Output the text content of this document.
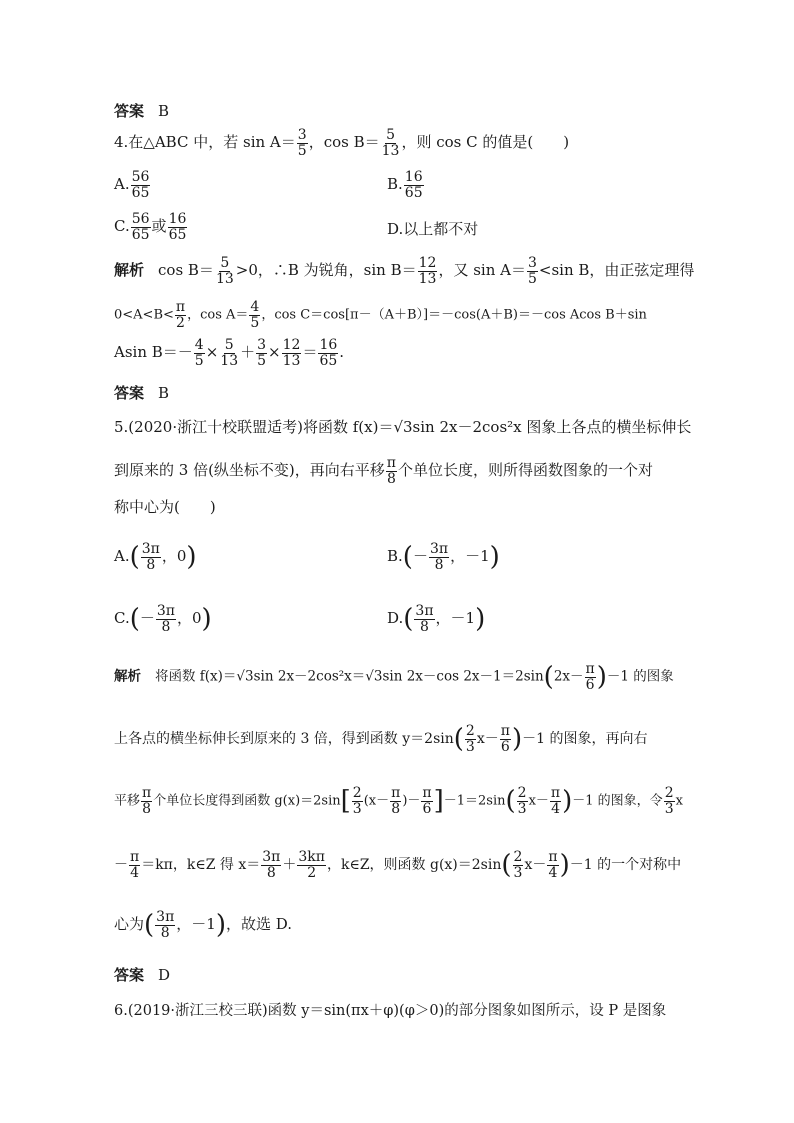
答案 B
4.在△ABC 中，若 $\sin A= \frac{3}{5}$ ，$\cos B= \frac{5}{13}$ ，则 cos C 的值是(　　)
A. $\frac{56}{65}$	B. $\frac{16}{65}$
C. $\frac{56}{65}$ 或 $\frac{16}{65}$	D.以上都不对
解析 $\cos B= \frac{5}{13} >0$，∴B 为锐角，$\sin B= \frac{12}{13}$ ，又 $\sin A= \frac{3}{5} <\sin$ B，由正弦定理得
$0<A<B< \frac{\pi}{2}$ ，$\cos A= \frac{4}{5}$ ，cos C＝cos[π－（A＋B）]＝－cos(A＋B)＝－cos Acos B＋sin
Asin $B=- \frac{4}{5} \times \frac{5}{13} + \frac{3}{5} \times \frac{12}{13} = \frac{16}{65}$ .
答案 B
5.(2020·浙江十校联盟适考)将函数 f(x)＝√3sin 2x－2cos²x 图象上各点的横坐标伸长
到原来的 3 倍(纵坐标不变)，再向右平移 $\frac{\pi}{8}$ 个单位长度，则所得函数图象的一个对
称中心为(　　)
$A.( \frac{3\pi}{8}$ ，0)	$B.(- \frac{3\pi}{8}$ ，－1)
$C.(- \frac{3\pi}{8}$ ，0)	$D.( \frac{3\pi}{8}$ ，－1)
解析 将函数 f(x)＝√3sin 2x－2cos²x＝√3sin 2x－cos $2x-1=2\sin(2x- \frac{\pi}{6} )-1$ 的图象
上各点的横坐标伸长到原来的 3 倍，得到函数 $y=2\sin( \frac{2}{3} x- \frac{\pi}{6} )-1$ 的图象，再向右
平移 $\frac{\pi}{8}$ 个单位长度得到函数 $g(x)=2\sin[ \frac{2}{3} (x- \frac{\pi}{8}$ )－ $\frac{\pi}{6} ]-1=2\sin( \frac{2}{3} x- \frac{\pi}{4} )-1$ 的图象，令 $\frac{2}{3}$ x
－ $\frac{\pi}{4} =k\pi$，k∈Z 得 $x= \frac{3\pi}{8} + \frac{3k\pi}{2}$ ，k∈Z，则函数 $g(x)=2\sin( \frac{2}{3} x- \frac{\pi}{4} )-1$ 的一个对称中
心为( $\frac{3\pi}{8}$ ，－1)，故选 D.
答案 D
6.(2019·浙江三校三联)函数 y＝sin(πx＋φ)(φ＞0)的部分图象如图所示，设 P 是图象
